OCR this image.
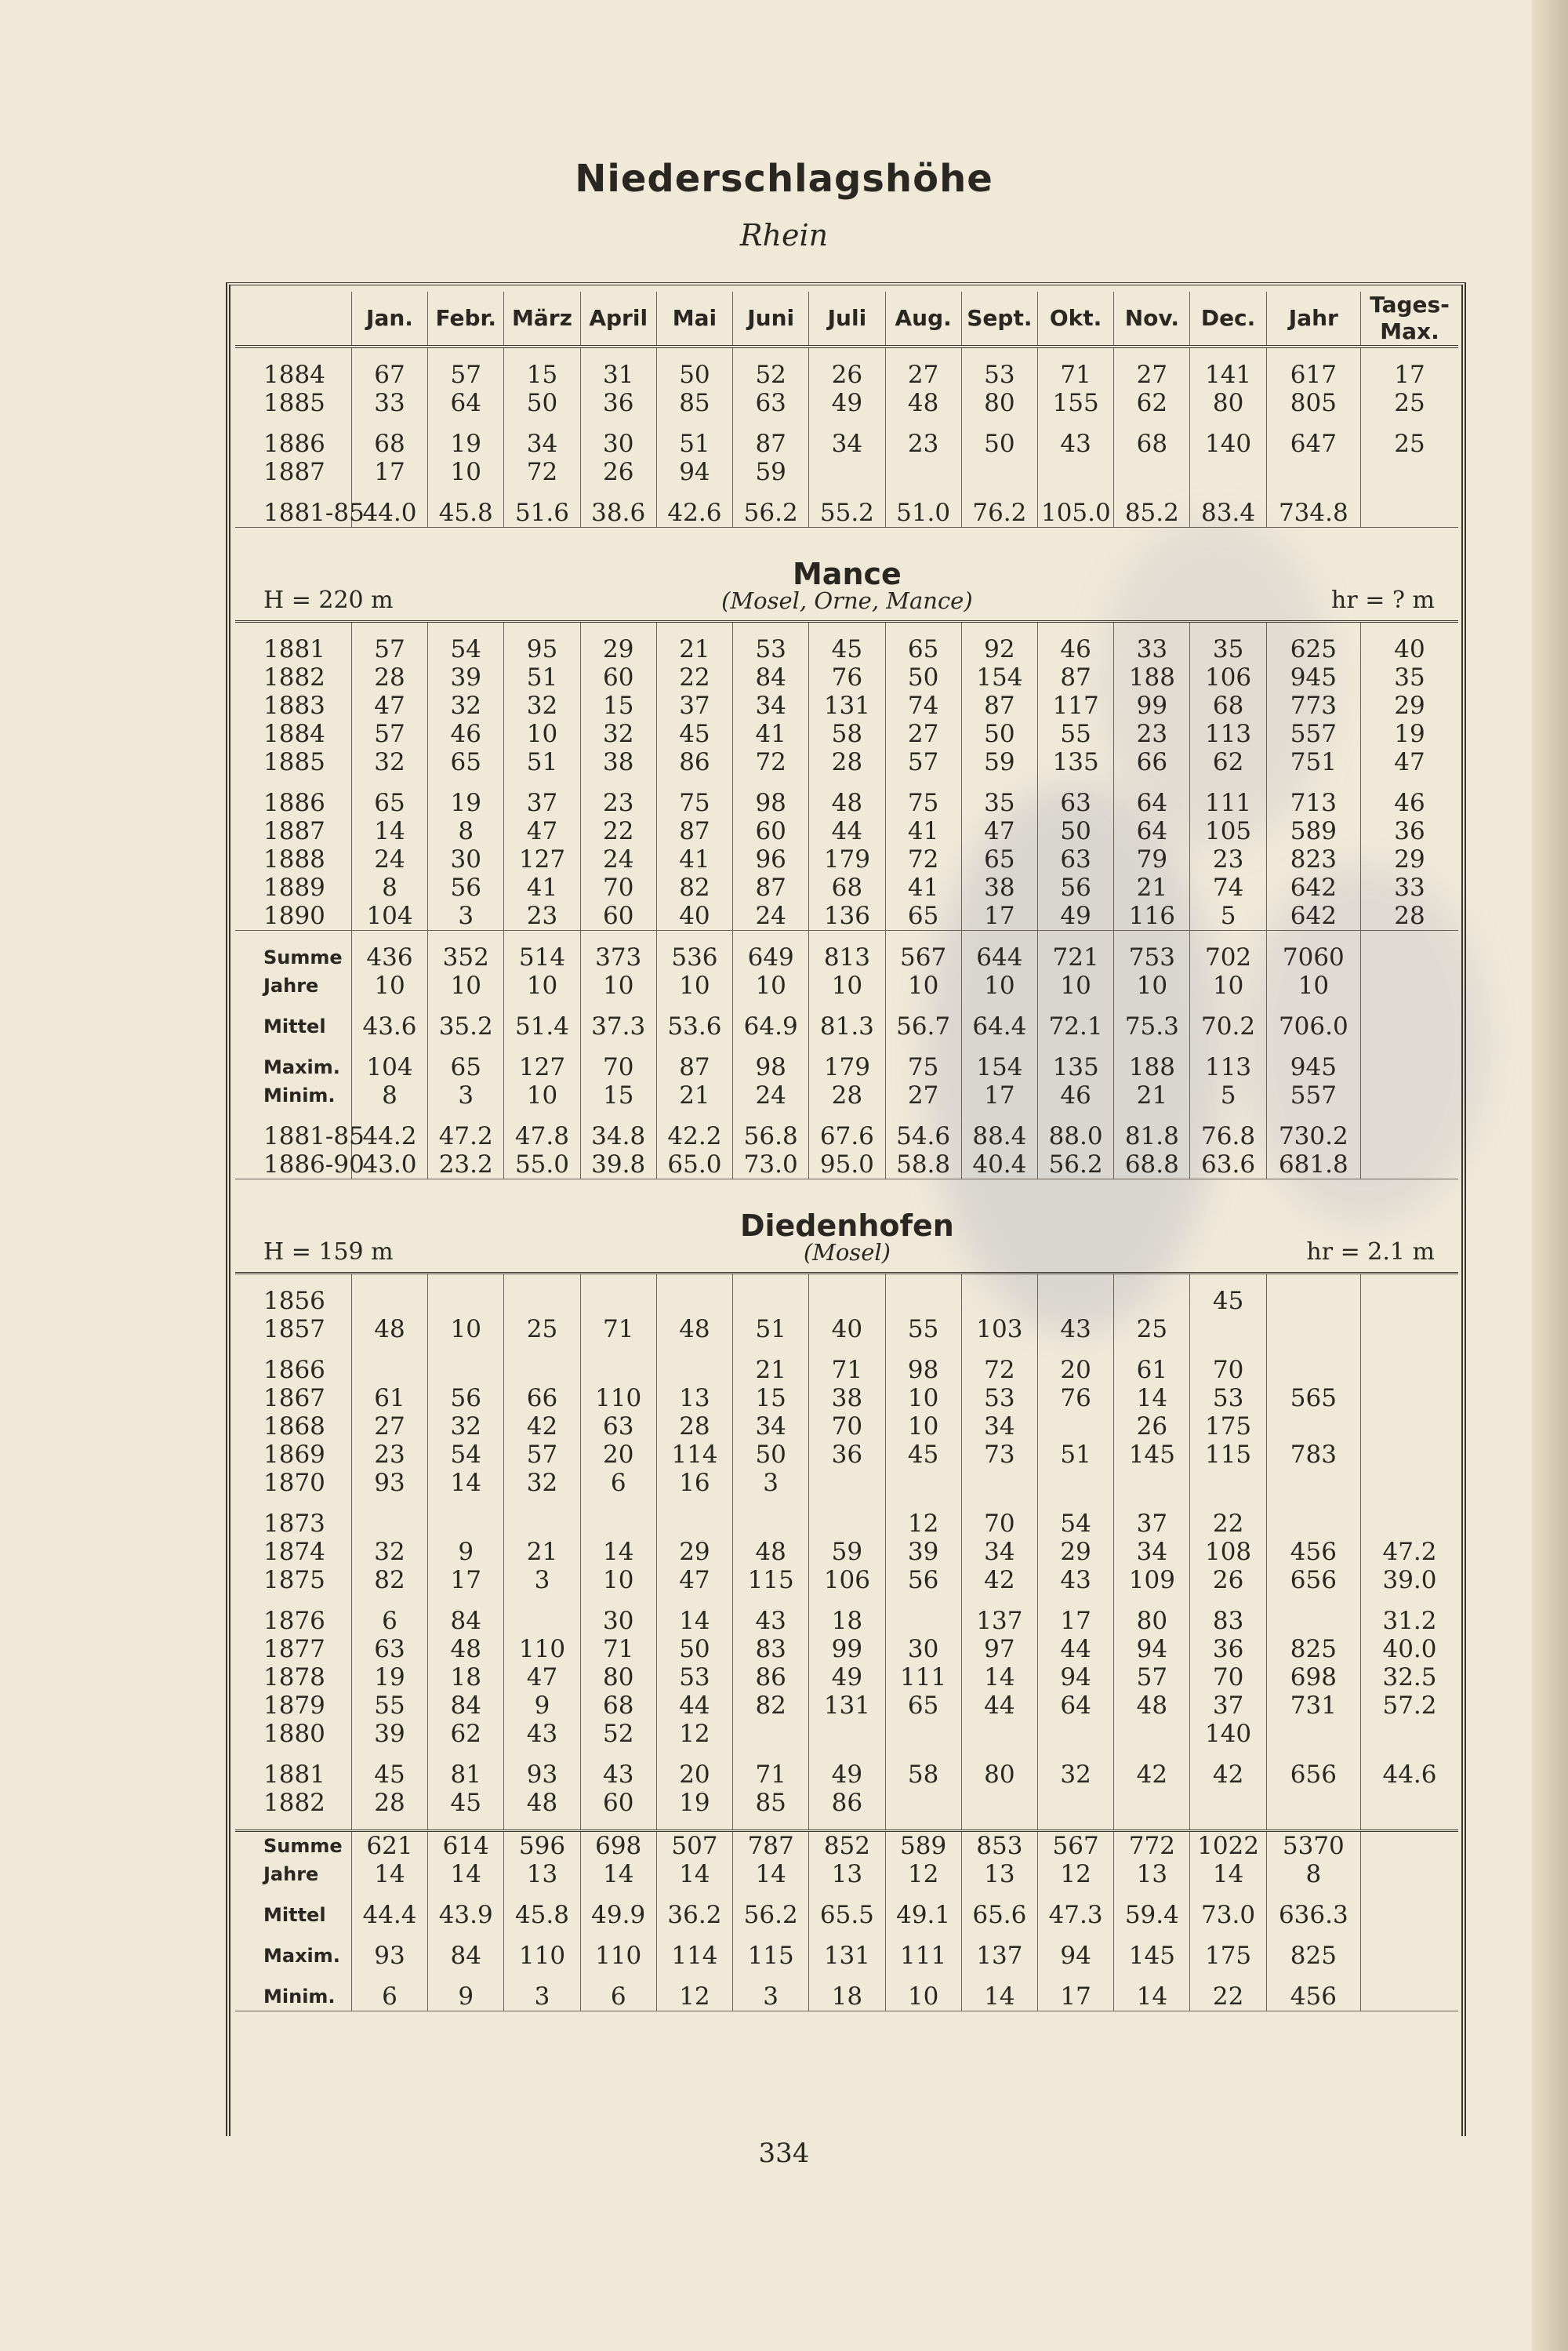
Niederschlagshöhe
Rhein
	Jan.	Febr.	März	April	Mai	Juni	Juli	Aug.	Sept.	Okt.	Nov.	Dec.	Jahr	Tages-
Max.

1884	67	57	15	31	50	52	26	27	53	71	27	141	617	17
1885	33	64	50	36	85	63	49	48	80	155	62	80	805	25

1886	68	19	34	30	51	87	34	23	50	43	68	140	647	25
1887	17	10	72	26	94	59								

1881-85	44.0	45.8	51.6	38.6	42.6	56.2	55.2	51.0	76.2	105.0	85.2	83.4	734.8	
H = 220 m			Mance
(Mosel, Orne, Mance)									hr = ? m		

1881	57	54	95	29	21	53	45	65	92	46	33	35	625	40
1882	28	39	51	60	22	84	76	50	154	87	188	106	945	35
1883	47	32	32	15	37	34	131	74	87	117	99	68	773	29
1884	57	46	10	32	45	41	58	27	50	55	23	113	557	19
1885	32	65	51	38	86	72	28	57	59	135	66	62	751	47

1886	65	19	37	23	75	98	48	75	35	63	64	111	713	46
1887	14	8	47	22	87	60	44	41	47	50	64	105	589	36
1888	24	30	127	24	41	96	179	72	65	63	79	23	823	29
1889	8	56	41	70	82	87	68	41	38	56	21	74	642	33
1890	104	3	23	60	40	24	136	65	17	49	116	5	642	28

Summe	436	352	514	373	536	649	813	567	644	721	753	702	7060	
Jahre	10	10	10	10	10	10	10	10	10	10	10	10	10	

Mittel	43.6	35.2	51.4	37.3	53.6	64.9	81.3	56.7	64.4	72.1	75.3	70.2	706.0	

Maxim.	104	65	127	70	87	98	179	75	154	135	188	113	945	
Minim.	8	3	10	15	21	24	28	27	17	46	21	5	557	

1881-85	44.2	47.2	47.8	34.8	42.2	56.8	67.6	54.6	88.4	88.0	81.8	76.8	730.2	
1886-90	43.0	23.2	55.0	39.8	65.0	73.0	95.0	58.8	40.4	56.2	68.8	63.6	681.8	
H = 159 m			Diedenhofen
(Mosel)									hr = 2.1 m		

1856												45		
1857	48	10	25	71	48	51	40	55	103	43	25			

1866						21	71	98	72	20	61	70		
1867	61	56	66	110	13	15	38	10	53	76	14	53	565	
1868	27	32	42	63	28	34	70	10	34		26	175		
1869	23	54	57	20	114	50	36	45	73	51	145	115	783	
1870	93	14	32	6	16	3								

1873								12	70	54	37	22		
1874	32	9	21	14	29	48	59	39	34	29	34	108	456	47.2
1875	82	17	3	10	47	115	106	56	42	43	109	26	656	39.0

1876	6	84		30	14	43	18		137	17	80	83		31.2
1877	63	48	110	71	50	83	99	30	97	44	94	36	825	40.0
1878	19	18	47	80	53	86	49	111	14	94	57	70	698	32.5
1879	55	84	9	68	44	82	131	65	44	64	48	37	731	57.2
1880	39	62	43	52	12							140		

1881	45	81	93	43	20	71	49	58	80	32	42	42	656	44.6
1882	28	45	48	60	19	85	86							

Summe	621	614	596	698	507	787	852	589	853	567	772	1022	5370	
Jahre	14	14	13	14	14	14	13	12	13	12	13	14	8	

Mittel	44.4	43.9	45.8	49.9	36.2	56.2	65.5	49.1	65.6	47.3	59.4	73.0	636.3	

Maxim.	93	84	110	110	114	115	131	111	137	94	145	175	825	

Minim.	6	9	3	6	12	3	18	10	14	17	14	22	456	
334
